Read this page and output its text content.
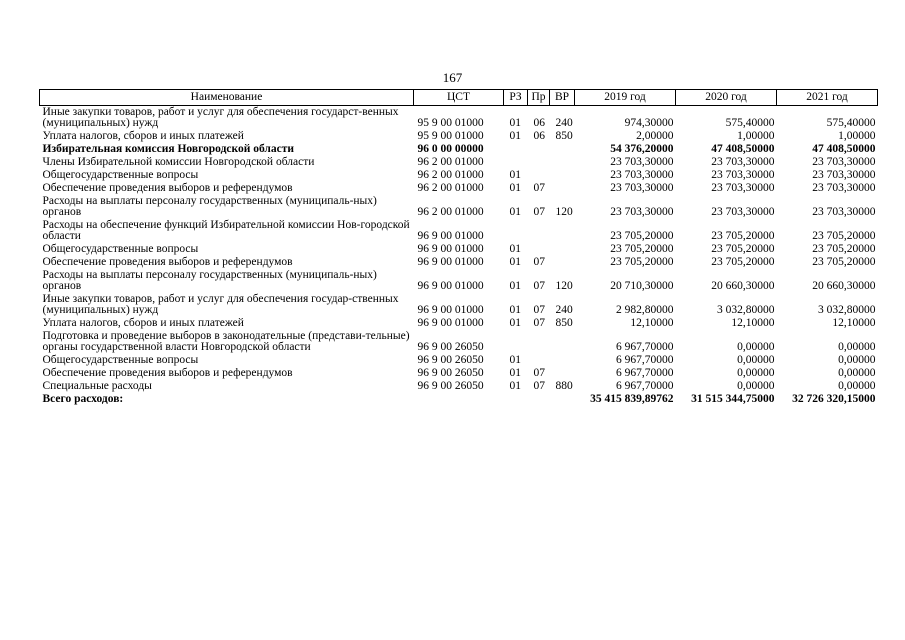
167
Наименование	ЦСТ	РЗ	Пр	ВР	2019 год	2020 год	2021 год
Иные закупки товаров, работ и услуг для обеспечения государст-венных (муниципальных) нужд	95 9 00 01000	01	06	240	974,30000	575,40000	575,40000
Уплата налогов, сборов и иных платежей	95 9 00 01000	01	06	850	2,00000	1,00000	1,00000
Избирательная комиссия Новгородской области	96 0 00 00000				54 376,20000	47 408,50000	47 408,50000
Члены Избирательной комиссии Новгородской области	96 2 00 01000				23 703,30000	23 703,30000	23 703,30000
Общегосударственные вопросы	96 2 00 01000	01			23 703,30000	23 703,30000	23 703,30000
Обеспечение проведения выборов и референдумов	96 2 00 01000	01	07		23 703,30000	23 703,30000	23 703,30000
Расходы на выплаты персоналу государственных (муниципаль-ных) органов	96 2 00 01000	01	07	120	23 703,30000	23 703,30000	23 703,30000
Расходы на обеспечение функций Избирательной комиссии Нов-городской области	96 9 00 01000				23 705,20000	23 705,20000	23 705,20000
Общегосударственные вопросы	96 9 00 01000	01			23 705,20000	23 705,20000	23 705,20000
Обеспечение проведения выборов и референдумов	96 9 00 01000	01	07		23 705,20000	23 705,20000	23 705,20000
Расходы на выплаты персоналу государственных (муниципаль-ных) органов	96 9 00 01000	01	07	120	20 710,30000	20 660,30000	20 660,30000
Иные закупки товаров, работ и услуг для обеспечения государ-ственных (муниципальных) нужд	96 9 00 01000	01	07	240	2 982,80000	3 032,80000	3 032,80000
Уплата налогов, сборов и иных платежей	96 9 00 01000	01	07	850	12,10000	12,10000	12,10000
Подготовка и проведение выборов в законодательные (представи-тельные) органы государственной власти Новгородской области	96 9 00 26050				6 967,70000	0,00000	0,00000
Общегосударственные вопросы	96 9 00 26050	01			6 967,70000	0,00000	0,00000
Обеспечение проведения выборов и референдумов	96 9 00 26050	01	07		6 967,70000	0,00000	0,00000
Специальные расходы	96 9 00 26050	01	07	880	6 967,70000	0,00000	0,00000
Всего расходов:					35 415 839,89762	31 515 344,75000	32 726 320,15000
